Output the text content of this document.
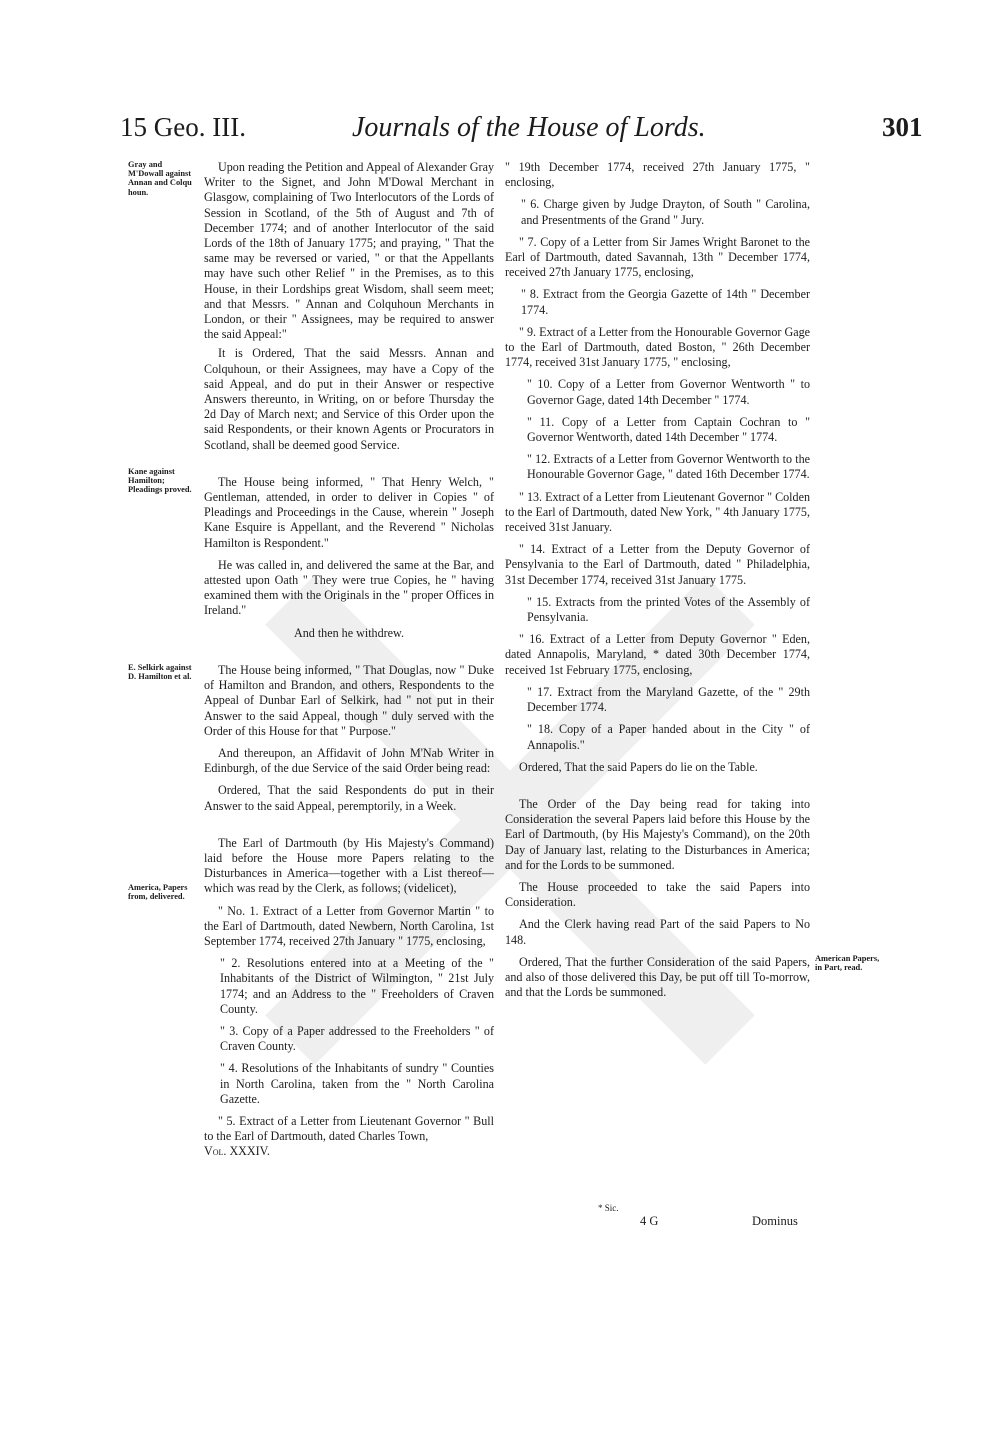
15 Geo. III.	Journals of the House of Lords.	301
Gray and M'Dowall against Annan and Colqu houn.
Kane against Hamilton; Pleadings proved.
E. Selkirk against D. Hamilton et al.
America, Papers from, delivered.
American Papers, in Part, read.

Upon reading the Petition and Appeal of Alexander Gray Writer to the Signet, and John M'Dowal Merchant in Glasgow, complaining of Two Interlocutors of the Lords of Session in Scotland, of the 5th of August and 7th of December 1774; and of another Interlocutor of the said Lords of the 18th of January 1775; and praying, " That the same may be reversed or varied, " or that the Appellants may have such other Relief " in the Premises, as to this House, in their Lordships great Wisdom, shall seem meet; and that Messrs. " Annan and Colquhoun Merchants in London, or their " Assignees, may be required to answer the said Appeal:"

It is Ordered, That the said Messrs. Annan and Colquhoun, or their Assignees, may have a Copy of the said Appeal, and do put in their Answer or respective Answers thereunto, in Writing, on or before Thursday the 2d Day of March next; and Service of this Order upon the said Respondents, or their known Agents or Procurators in Scotland, shall be deemed good Service.

The House being informed, " That Henry Welch, " Gentleman, attended, in order to deliver in Copies " of Pleadings and Proceedings in the Cause, wherein " Joseph Kane Esquire is Appellant, and the Reverend " Nicholas Hamilton is Respondent."

He was called in, and delivered the same at the Bar, and attested upon Oath " They were true Copies, he " having examined them with the Originals in the " proper Offices in Ireland."

And then he withdrew.

The House being informed, " That Douglas, now " Duke of Hamilton and Brandon, and others, Respondents to the Appeal of Dunbar Earl of Selkirk, had " not put in their Answer to the said Appeal, though " duly served with the Order of this House for that " Purpose."

And thereupon, an Affidavit of John M'Nab Writer in Edinburgh, of the due Service of the said Order being read:

Ordered, That the said Respondents do put in their Answer to the said Appeal, peremptorily, in a Week.

The Earl of Dartmouth (by His Majesty's Command) laid before the House more Papers relating to the Disturbances in America—together with a List thereof—which was read by the Clerk, as follows; (videlicet),

" No. 1. Extract of a Letter from Governor Martin " to the Earl of Dartmouth, dated Newbern, North Carolina, 1st September 1774, received 27th January " 1775, enclosing,

" 2. Resolutions entered into at a Meeting of the " Inhabitants of the District of Wilmington, " 21st July 1774; and an Address to the " Freeholders of Craven County.

" 3. Copy of a Paper addressed to the Freeholders " of Craven County.

" 4. Resolutions of the Inhabitants of sundry " Counties in North Carolina, taken from the " North Carolina Gazette.

" 5. Extract of a Letter from Lieutenant Governor " Bull to the Earl of Dartmouth, dated Charles Town,

Vol. XXXIV.

" 19th December 1774, received 27th January 1775, " enclosing,

" 6. Charge given by Judge Drayton, of South " Carolina, and Presentments of the Grand " Jury.

" 7. Copy of a Letter from Sir James Wright Baronet to the Earl of Dartmouth, dated Savannah, 13th " December 1774, received 27th January 1775, enclosing,

" 8. Extract from the Georgia Gazette of 14th " December 1774.

" 9. Extract of a Letter from the Honourable Governor Gage to the Earl of Dartmouth, dated Boston, " 26th December 1774, received 31st January 1775, " enclosing,

" 10. Copy of a Letter from Governor Wentworth " to Governor Gage, dated 14th December " 1774.

" 11. Copy of a Letter from Captain Cochran to " Governor Wentworth, dated 14th December " 1774.

" 12. Extracts of a Letter from Governor Wentworth to the Honourable Governor Gage, " dated 16th December 1774.

" 13. Extract of a Letter from Lieutenant Governor " Colden to the Earl of Dartmouth, dated New York, " 4th January 1775, received 31st January.

" 14. Extract of a Letter from the Deputy Governor of Pensylvania to the Earl of Dartmouth, dated " Philadelphia, 31st December 1774, received 31st January 1775.

" 15. Extracts from the printed Votes of the Assembly of Pensylvania.

" 16. Extract of a Letter from Deputy Governor " Eden, dated Annapolis, Maryland, * dated 30th December 1774, received 1st February 1775, enclosing,

" 17. Extract from the Maryland Gazette, of the " 29th December 1774.

" 18. Copy of a Paper handed about in the City " of Annapolis."

Ordered, That the said Papers do lie on the Table.

The Order of the Day being read for taking into Consideration the several Papers laid before this House by the Earl of Dartmouth, (by His Majesty's Command), on the 20th Day of January last, relating to the Disturbances in America; and for the Lords to be summoned.

The House proceeded to take the said Papers into Consideration.

And the Clerk having read Part of the said Papers to No 148.

Ordered, That the further Consideration of the said Papers, and also of those delivered this Day, be put off till To-morrow, and that the Lords be summoned.

* Sic.
4 G	Dominus
